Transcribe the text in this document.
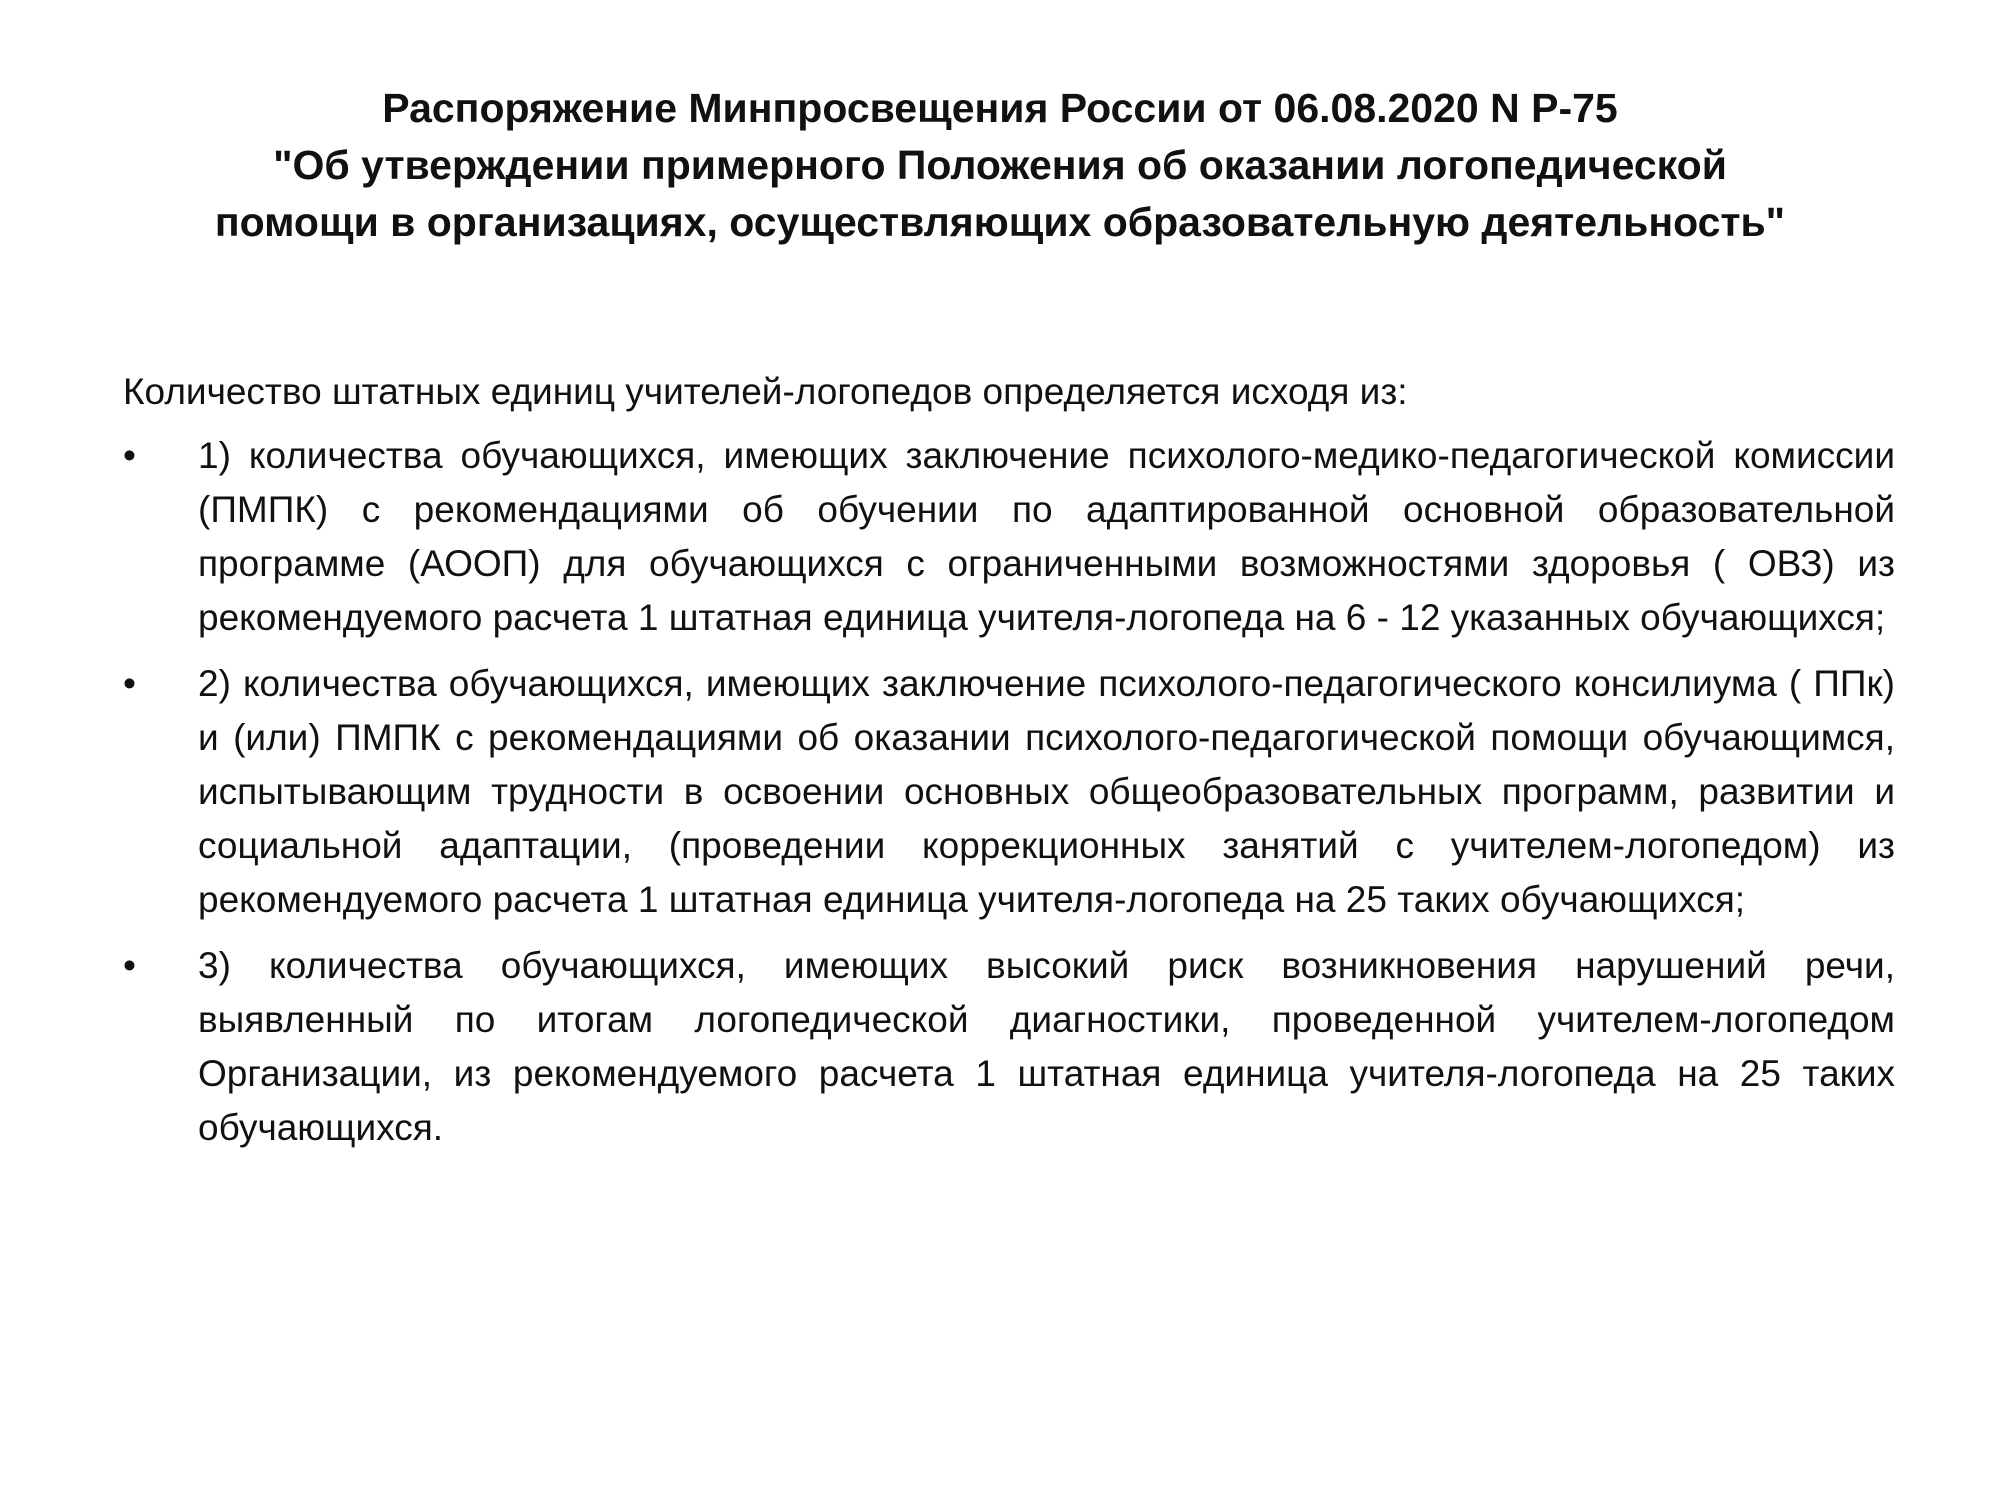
Распоряжение Минпросвещения России от 06.08.2020 N Р-75
"Об утверждении примерного Положения об оказании логопедической
помощи в организациях, осуществляющих образовательную деятельность"
Количество штатных единиц учителей-логопедов определяется исходя из:
•	1) количества обучающихся, имеющих заключение психолого-медико-педагогической комиссии (ПМПК) с рекомендациями об обучении по адаптированной основной образовательной программе (АООП) для обучающихся с ограниченными возможностями здоровья ( ОВЗ) из рекомендуемого расчета 1 штатная единица учителя-логопеда на 6 - 12 указанных обучающихся;
•	2) количества обучающихся, имеющих заключение психолого-педагогического консилиума ( ППк) и (или) ПМПК с рекомендациями об оказании психолого-педагогической помощи обучающимся, испытывающим трудности в освоении основных общеобразовательных программ, развитии и социальной адаптации, (проведении коррекционных занятий с учителем-логопедом) из рекомендуемого расчета 1 штатная единица учителя-логопеда на 25 таких обучающихся;
•	3) количества обучающихся, имеющих высокий риск возникновения нарушений речи, выявленный по итогам логопедической диагностики, проведенной учителем-логопедом Организации, из рекомендуемого расчета 1 штатная единица учителя-логопеда на 25 таких обучающихся.
